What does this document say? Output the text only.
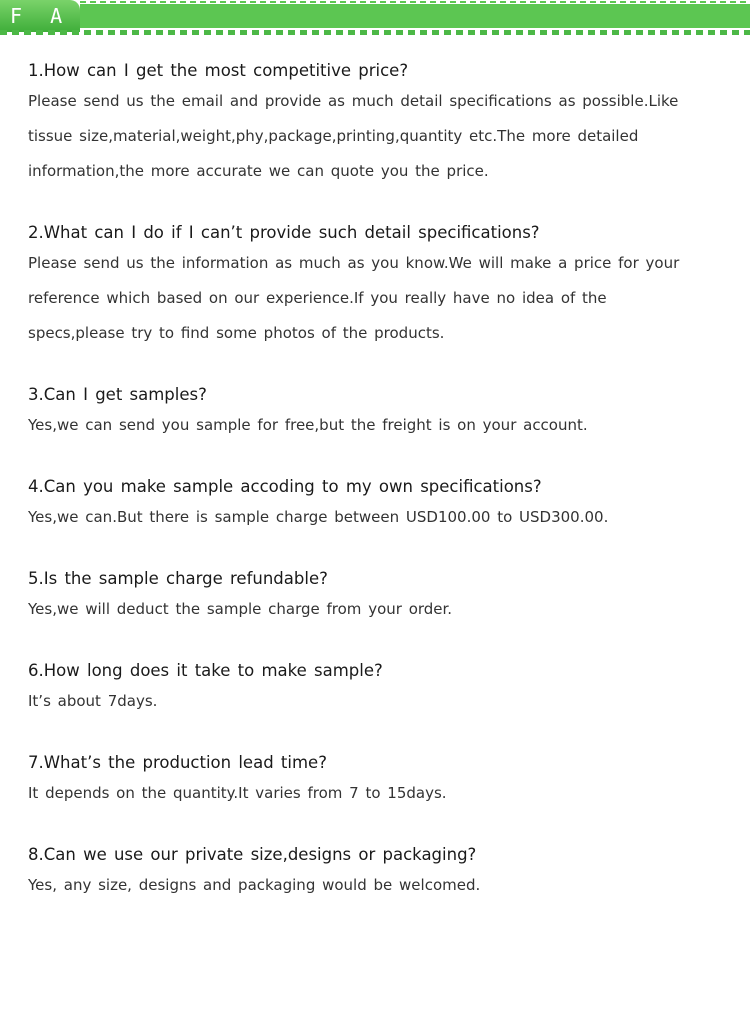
F A Q

1.How can I get the most competitive price?

Please send us the email and provide as much detail specifications as possible.Like
tissue size,material,weight,phy,package,printing,quantity etc.The more detailed
information,the more accurate we can quote you the price.

2.What can I do if I can’t provide such detail specifications?

Please send us the information as much as you know.We will make a price for your
reference which based on our experience.If you really have no idea of the
specs,please try to find some photos of the products.

3.Can I get samples?

Yes,we can send you sample for free,but the freight is on your account.

4.Can you make sample accoding to my own specifications?

Yes,we can.But there is sample charge between USD100.00 to USD300.00.

5.Is the sample charge refundable?

Yes,we will deduct the sample charge from your order.

6.How long does it take to make sample?

It’s about 7days.

7.What’s the production lead time?

It depends on the quantity.It varies from 7 to 15days.

8.Can we use our private size,designs or packaging?

Yes, any size, designs and packaging would be welcomed.
